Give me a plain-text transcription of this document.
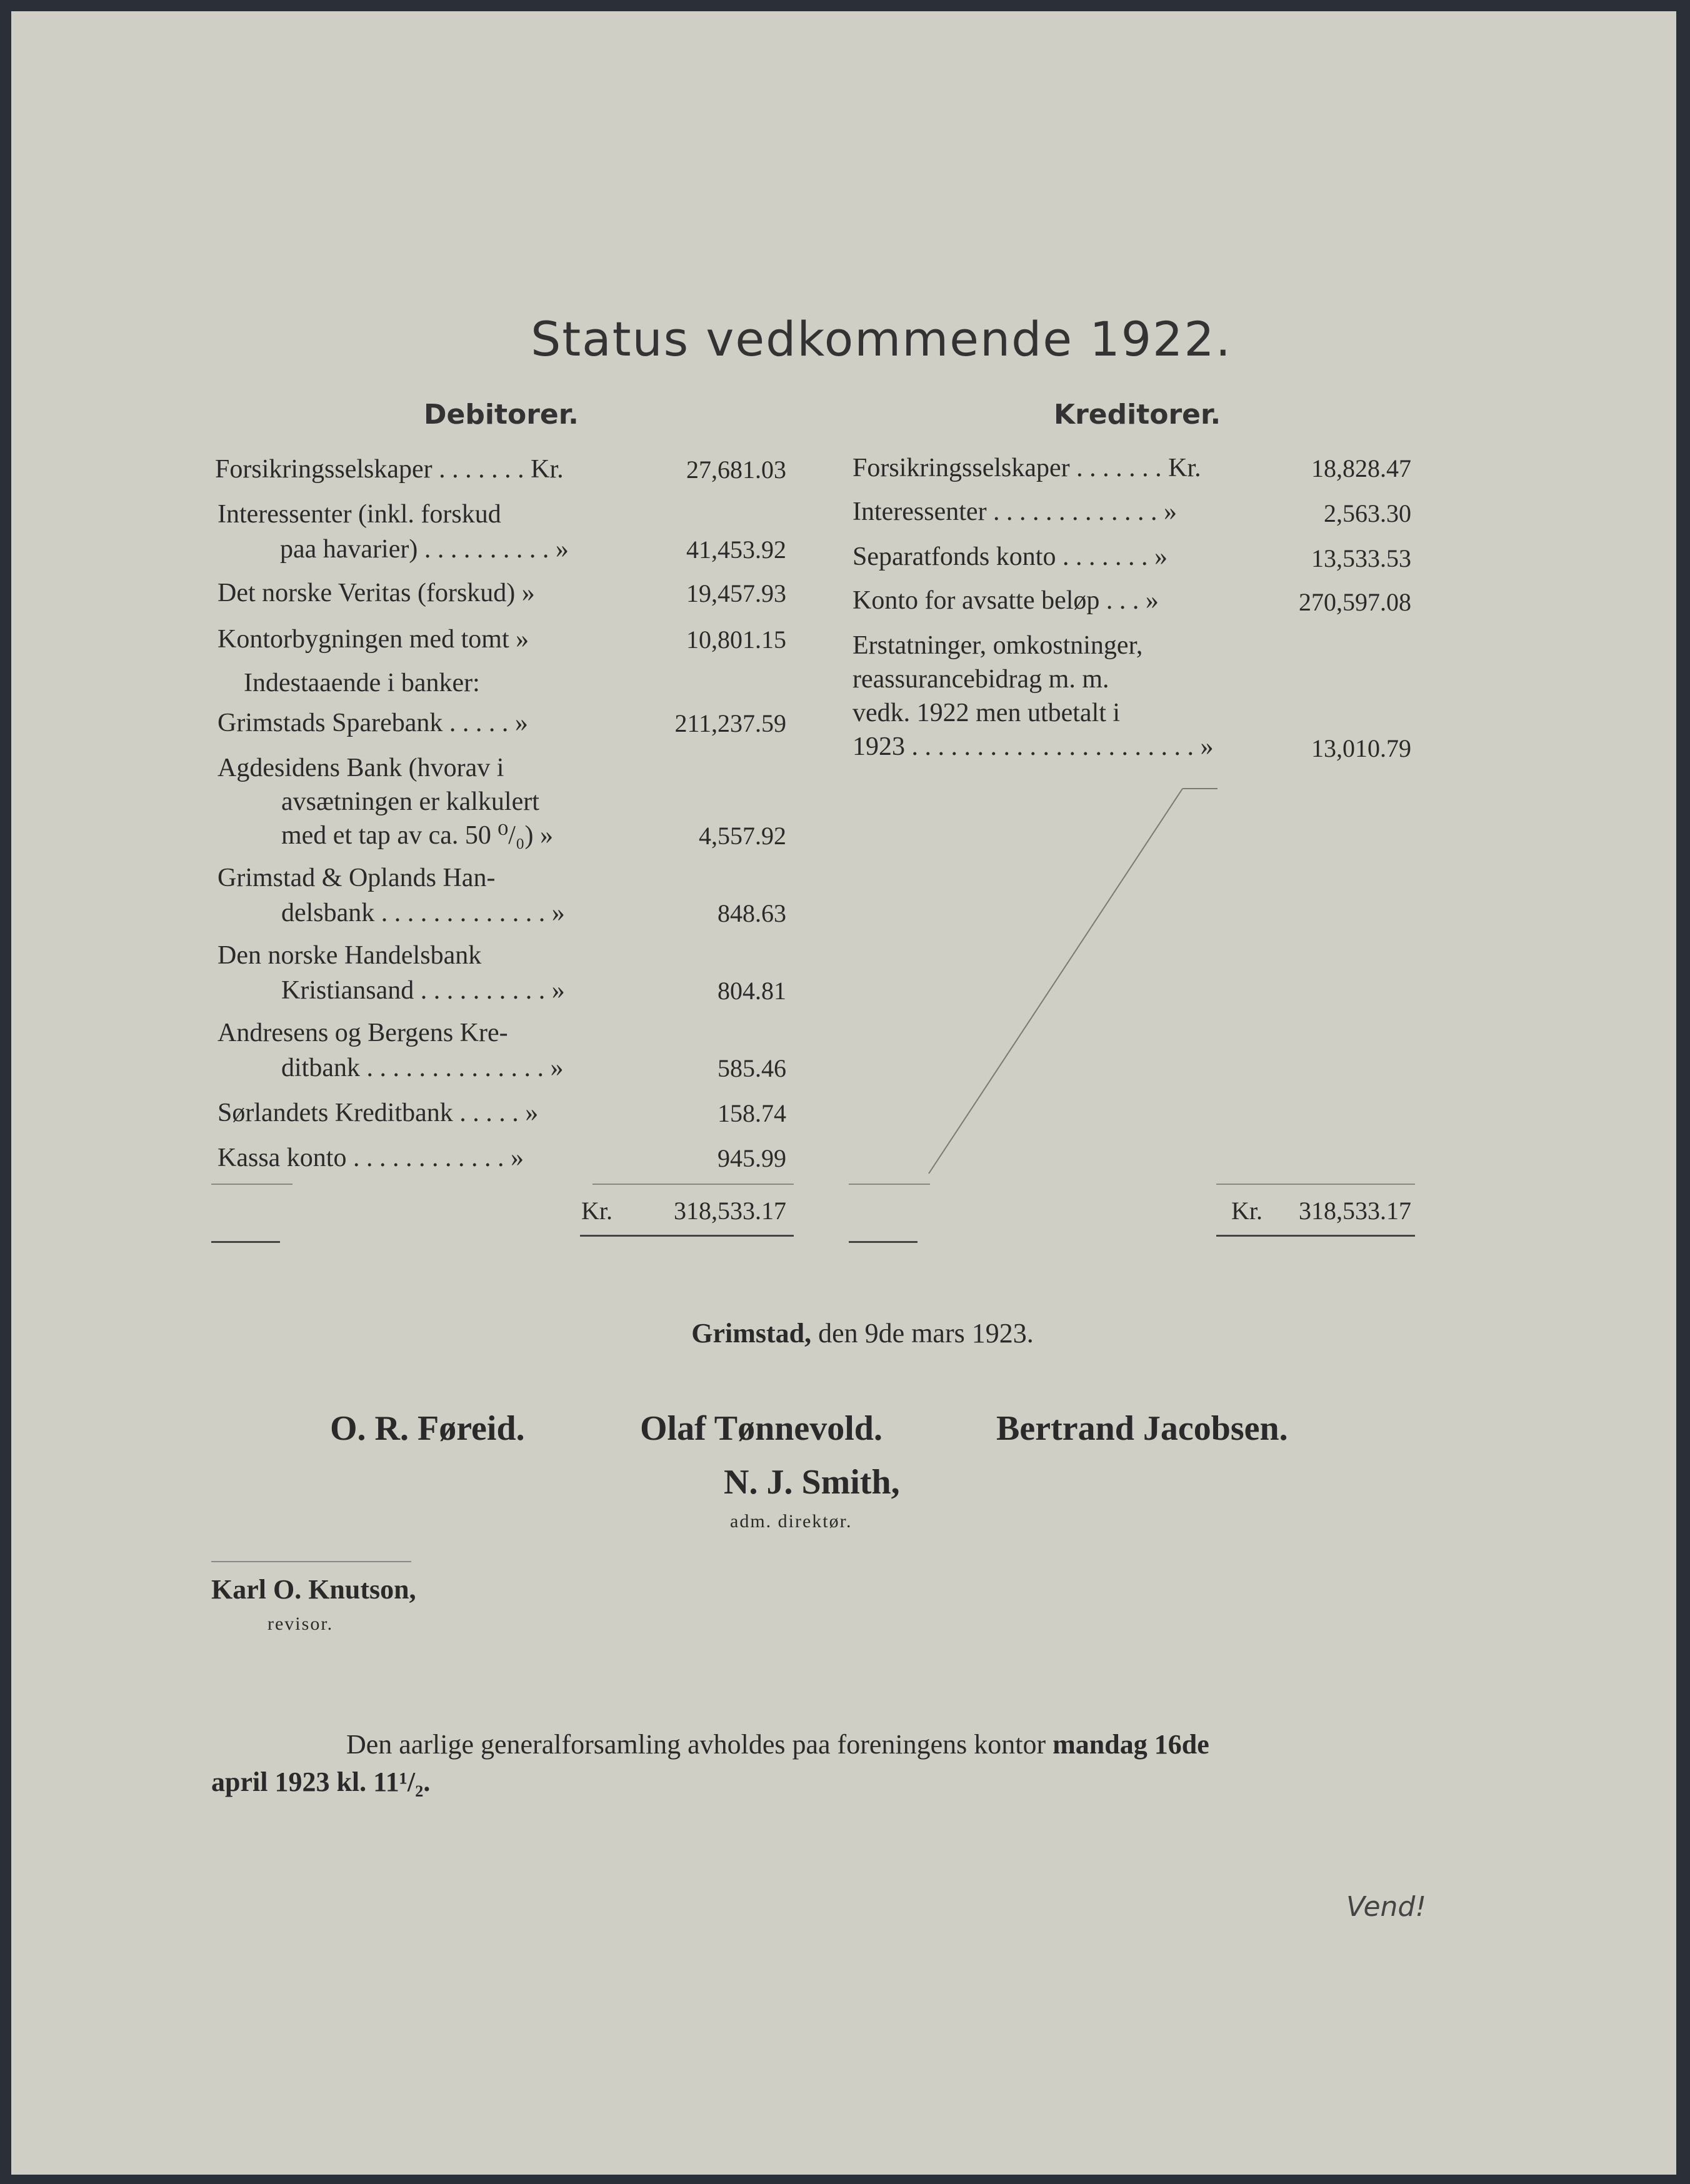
Status vedkommende 1922.
Debitorer.
Forsikringsselskaper . . . . . . . Kr.	27,681.03
Interessenter (inkl. forskud
paa havarier) . . . . . . . . . . »	41,453.92
Det norske Veritas (forskud) »	19,457.93
Kontorbygningen med tomt »	10,801.15
Indestaaende i banker:
Grimstads Sparebank . . . . . »	211,237.59
Agdesidens Bank (hvorav i
avsætningen er kalkulert
med et tap av ca. 50 ⁰/₀) »	4,557.92
Grimstad & Oplands Han-
delsbank . . . . . . . . . . . . . »	848.63
Den norske Handelsbank
Kristiansand . . . . . . . . . . »	804.81
Andresens og Bergens Kre-
ditbank . . . . . . . . . . . . . . »	585.46
Sørlandets Kreditbank . . . . . »	158.74
Kassa konto . . . . . . . . . . . . »	945.99
Kr.	318,533.17
Kreditorer.
Forsikringsselskaper . . . . . . . Kr.	18,828.47
Interessenter . . . . . . . . . . . . . »	2,563.30
Separatfonds konto . . . . . . . »	13,533.53
Konto for avsatte beløp . . . »	270,597.08
Erstatninger, omkostninger,
reassurancebidrag m. m.
vedk. 1922 men utbetalt i
1923 . . . . . . . . . . . . . . . . . . . . . . »	13,010.79
Kr.	318,533.17
Grimstad, den 9de mars 1923.
O. R. Føreid.	Olaf Tønnevold.	Bertrand Jacobsen.
N. J. Smith,
adm. direktør.
Karl O. Knutson,
revisor.
Den aarlige generalforsamling avholdes paa foreningens kontor mandag 16de
april 1923 kl. 11¹/₂.
Vend!
